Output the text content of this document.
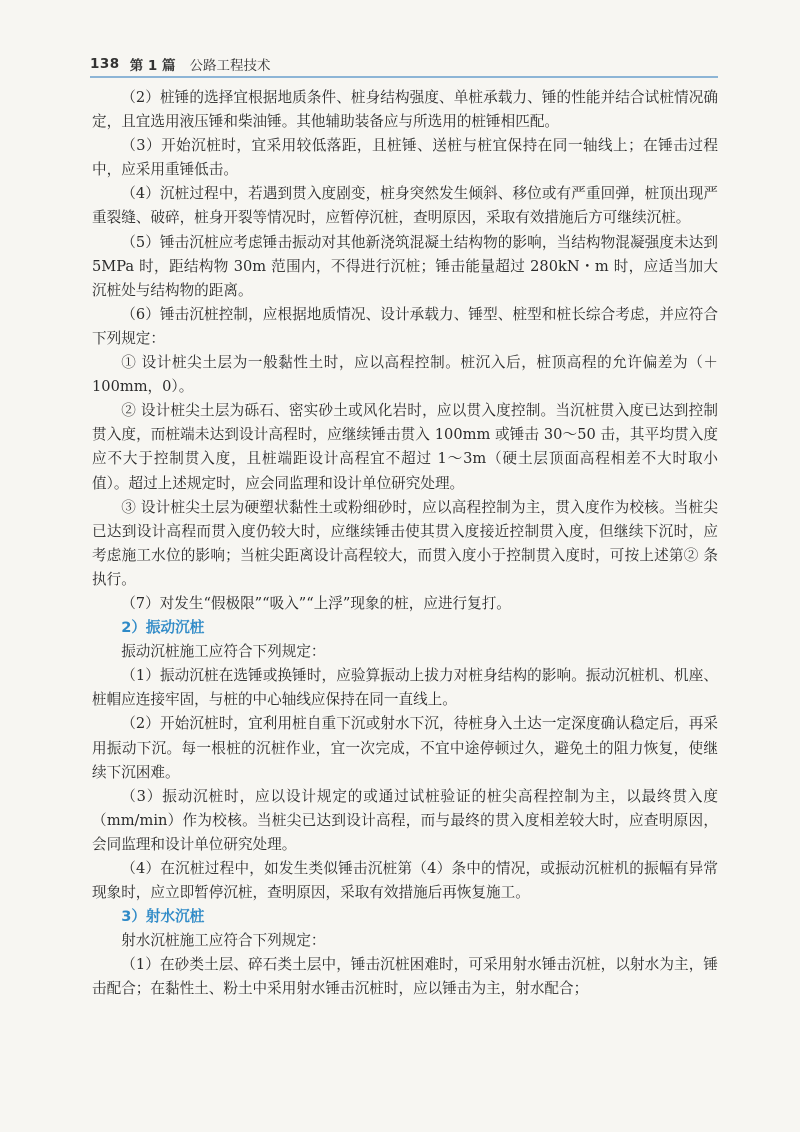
138 第 1 篇 公路工程技术

（2）桩锤的选择宜根据地质条件、桩身结构强度、单桩承载力、锤的性能并结合试桩情况确定，且宜选用液压锤和柴油锤。其他辅助装备应与所选用的桩锤相匹配。

（3）开始沉桩时，宜采用较低落距，且桩锤、送桩与桩宜保持在同一轴线上；在锤击过程中，应采用重锤低击。

（4）沉桩过程中，若遇到贯入度剧变，桩身突然发生倾斜、移位或有严重回弹，桩顶出现严重裂缝、破碎，桩身开裂等情况时，应暂停沉桩，查明原因，采取有效措施后方可继续沉桩。

（5）锤击沉桩应考虑锤击振动对其他新浇筑混凝土结构物的影响，当结构物混凝强度未达到 5MPa 时，距结构物 30m 范围内，不得进行沉桩；锤击能量超过 280kN・m 时，应适当加大沉桩处与结构物的距离。

（6）锤击沉桩控制，应根据地质情况、设计承载力、锤型、桩型和桩长综合考虑，并应符合下列规定：

① 设计桩尖土层为一般黏性土时，应以高程控制。桩沉入后，桩顶高程的允许偏差为（＋100mm，0）。

② 设计桩尖土层为砾石、密实砂土或风化岩时，应以贯入度控制。当沉桩贯入度已达到控制贯入度，而桩端未达到设计高程时，应继续锤击贯入 100mm 或锤击 30～50 击，其平均贯入度应不大于控制贯入度，且桩端距设计高程宜不超过 1～3m（硬土层顶面高程相差不大时取小值）。超过上述规定时，应会同监理和设计单位研究处理。

③ 设计桩尖土层为硬塑状黏性土或粉细砂时，应以高程控制为主，贯入度作为校核。当桩尖已达到设计高程而贯入度仍较大时，应继续锤击使其贯入度接近控制贯入度，但继续下沉时，应考虑施工水位的影响；当桩尖距离设计高程较大，而贯入度小于控制贯入度时，可按上述第② 条执行。

（7）对发生“假极限”“吸入”“上浮”现象的桩，应进行复打。

2）振动沉桩

振动沉桩施工应符合下列规定：

（1）振动沉桩在选锤或换锤时，应验算振动上拔力对桩身结构的影响。振动沉桩机、机座、桩帽应连接牢固，与桩的中心轴线应保持在同一直线上。

（2）开始沉桩时，宜利用桩自重下沉或射水下沉，待桩身入土达一定深度确认稳定后，再采用振动下沉。每一根桩的沉桩作业，宜一次完成，不宜中途停顿过久，避免土的阻力恢复，使继续下沉困难。

（3）振动沉桩时，应以设计规定的或通过试桩验证的桩尖高程控制为主，以最终贯入度（mm/min）作为校核。当桩尖已达到设计高程，而与最终的贯入度相差较大时，应查明原因，会同监理和设计单位研究处理。

（4）在沉桩过程中，如发生类似锤击沉桩第（4）条中的情况，或振动沉桩机的振幅有异常现象时，应立即暂停沉桩，查明原因，采取有效措施后再恢复施工。

3）射水沉桩

射水沉桩施工应符合下列规定：

（1）在砂类土层、碎石类土层中，锤击沉桩困难时，可采用射水锤击沉桩，以射水为主，锤击配合；在黏性土、粉土中采用射水锤击沉桩时，应以锤击为主，射水配合；
